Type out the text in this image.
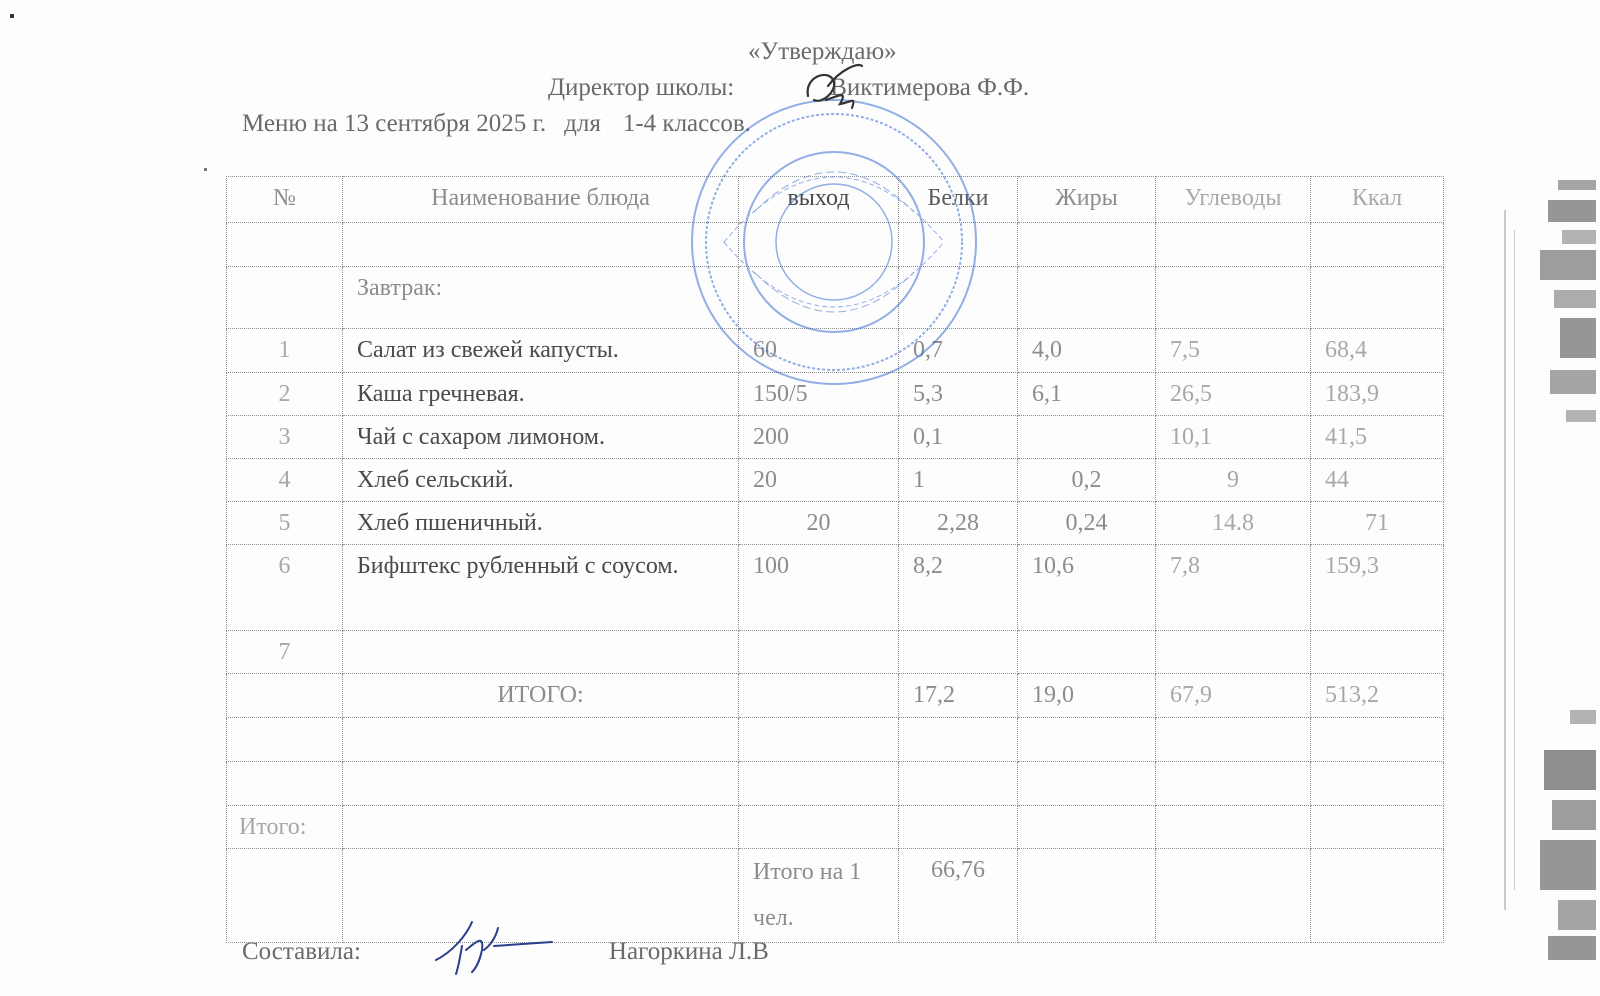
«Утверждаю»
Директор школы:	Виктимерова Ф.Ф.
Меню на 13 сентября 2025 г. для 1-4 классов.
№	Наименование блюда	выход	Белки	Жиры	Углеводы	Ккал

	Завтрак:					
1	Салат из свежей капусты.	60	0,7	4,0	7,5	68,4
2	Каша гречневая.	150/5	5,3	6,1	26,5	183,9
3	Чай с сахаром лимоном.	200	0,1		10,1	41,5
4	Хлеб сельский.	20	1	0,2	9	44
5	Хлеб пшеничный.	20	2,28	0,24	14.8	71
6	Бифштекс рубленный с соусом.	100	8,2	10,6	7,8	159,3
7						
	ИТОГО:		17,2	19,0	67,9	513,2

Итого:						
		Итого на 1 чел.	66,76			
Составила:	Нагоркина Л.В
